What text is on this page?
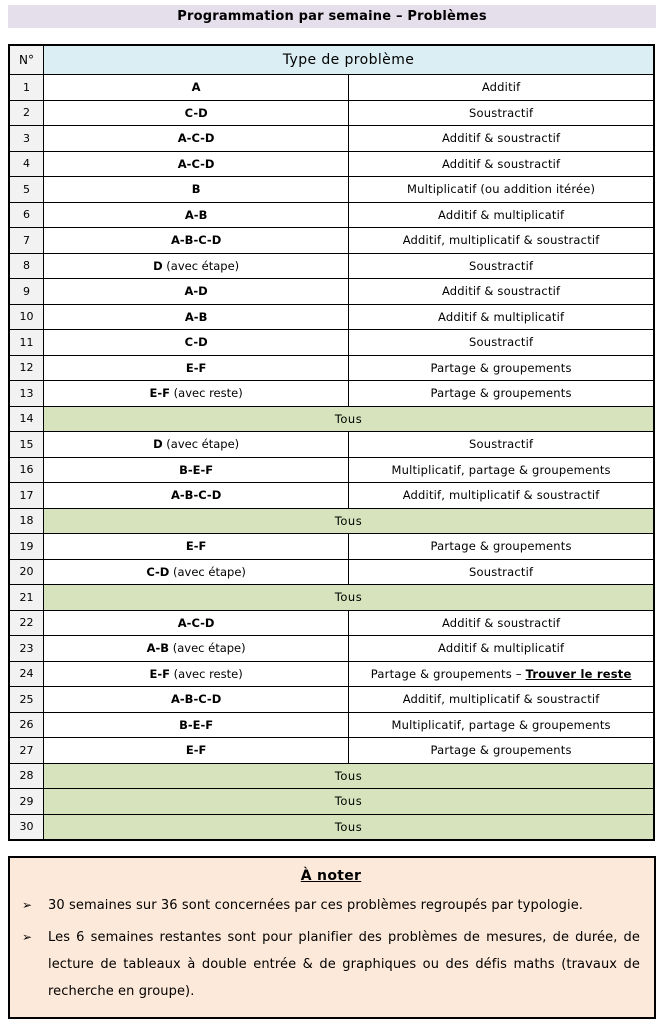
Programmation par semaine – Problèmes
N°	Type de problème	
1	A	Additif
2	C-D	Soustractif
3	A-C-D	Additif & soustractif
4	A-C-D	Additif & soustractif
5	B	Multiplicatif (ou addition itérée)
6	A-B	Additif & multiplicatif
7	A-B-C-D	Additif, multiplicatif & soustractif
8	D (avec étape)	Soustractif
9	A-D	Additif & soustractif
10	A-B	Additif & multiplicatif
11	C-D	Soustractif
12	E-F	Partage & groupements
13	E-F (avec reste)	Partage & groupements
14	Tous	
15	D (avec étape)	Soustractif
16	B-E-F	Multiplicatif, partage & groupements
17	A-B-C-D	Additif, multiplicatif & soustractif
18	Tous	
19	E-F	Partage & groupements
20	C-D (avec étape)	Soustractif
21	Tous	
22	A-C-D	Additif & soustractif
23	A-B (avec étape)	Additif & multiplicatif
24	E-F (avec reste)	Partage & groupements – Trouver le reste
25	A-B-C-D	Additif, multiplicatif & soustractif
26	B-E-F	Multiplicatif, partage & groupements
27	E-F	Partage & groupements
28	Tous	
29	Tous	
30	Tous	
À noter
➢	30 semaines sur 36 sont concernées par ces problèmes regroupés par typologie.
➢	Les 6 semaines restantes sont pour planifier des problèmes de mesures, de durée, de lecture de tableaux à double entrée & de graphiques ou des défis maths (travaux de recherche en groupe).
